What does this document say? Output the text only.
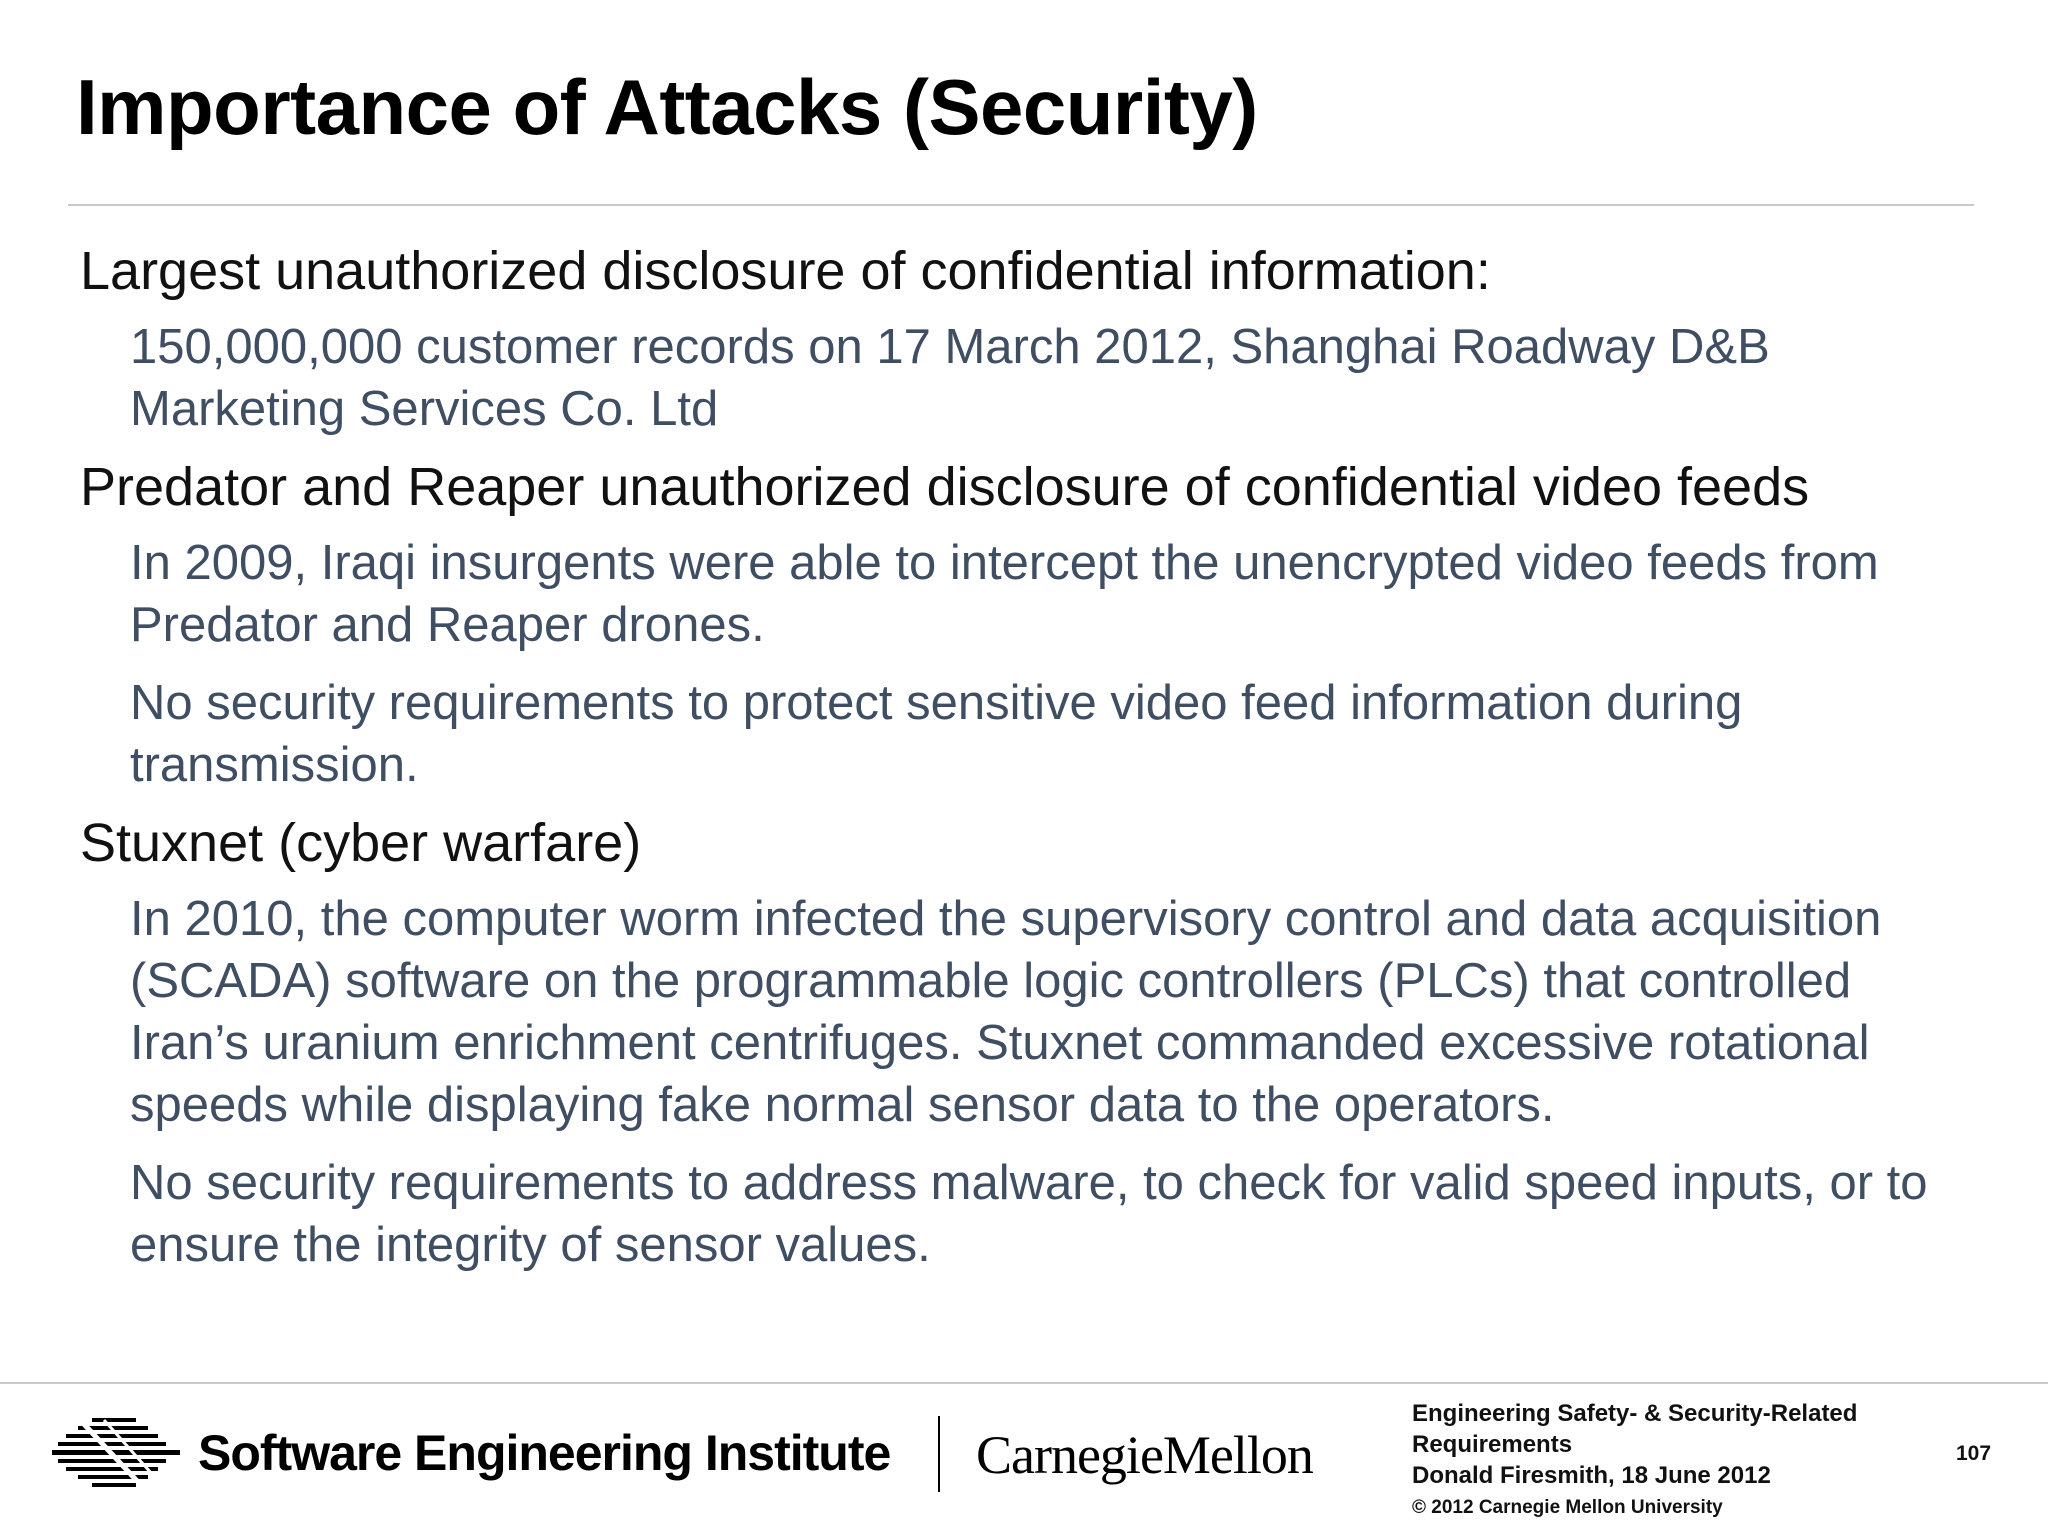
Importance of Attacks (Security)
Largest unauthorized disclosure of confidential information:
150,000,000 customer records on 17 March 2012, Shanghai Roadway D&B Marketing Services Co. Ltd
Predator and Reaper unauthorized disclosure of confidential video feeds
In 2009, Iraqi insurgents were able to intercept the unencrypted video feeds from Predator and Reaper drones.
No security requirements to protect sensitive video feed information during transmission.
Stuxnet (cyber warfare)
In 2010, the computer worm infected the supervisory control and data acquisition (SCADA) software on the programmable logic controllers (PLCs) that controlled Iran’s uranium enrichment centrifuges. Stuxnet commanded excessive rotational speeds while displaying fake normal sensor data to the operators.
No security requirements to address malware, to check for valid speed inputs, or to ensure the integrity of sensor values.
Software Engineering Institute CarnegieMellon
Engineering Safety- & Security-Related
Requirements
Donald Firesmith, 18 June 2012
© 2012 Carnegie Mellon University
107
